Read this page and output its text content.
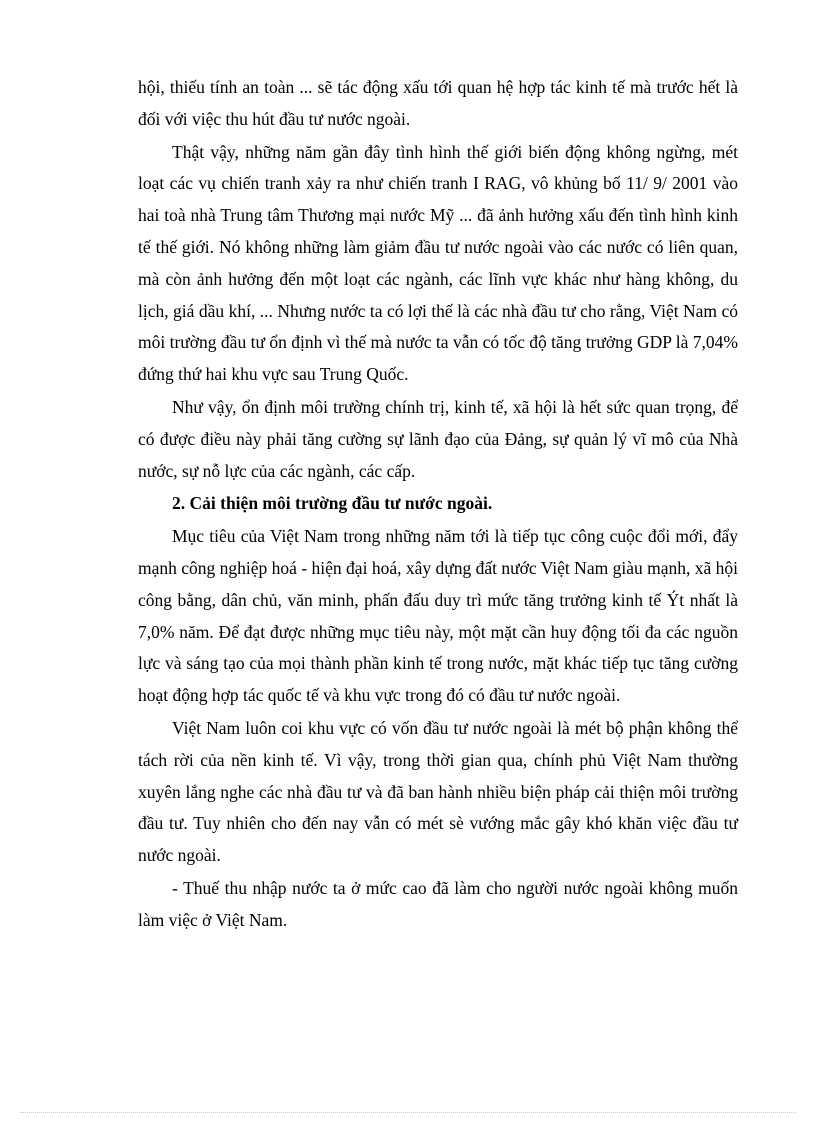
hội, thiếu tính an toàn ... sẽ tác động xấu tới quan hệ hợp tác kinh tế mà trước hết là đối với việc thu hút đầu tư nước ngoài.

Thật vậy, những năm gần đây tình hình thế giới biến động không ngừng, mét loạt các vụ chiến tranh xảy ra như chiến tranh I RAG, vô khủng bố 11/ 9/ 2001 vào hai toà nhà Trung tâm Thương mại nước Mỹ ... đã ảnh hưởng xấu đến tình hình kinh tế thế giới. Nó không những làm giảm đầu tư nước ngoài vào các nước có liên quan, mà còn ảnh hưởng đến một loạt các ngành, các lĩnh vực khác như hàng không, du lịch, giá dầu khí, ... Nhưng nước ta có lợi thế là các nhà đầu tư cho rằng, Việt Nam có môi trường đầu tư ổn định vì thế mà nước ta vẫn có tốc độ tăng trưởng GDP là 7,04% đứng thứ hai khu vực sau Trung Quốc.

Như vậy, ổn định môi trường chính trị, kinh tế, xã hội là hết sức quan trọng, để có được điều này phải tăng cường sự lãnh đạo của Đảng, sự quản lý vĩ mô của Nhà nước, sự nỗ lực của các ngành, các cấp.

2. Cải thiện môi trường đầu tư nước ngoài.

Mục tiêu của Việt Nam trong những năm tới là tiếp tục công cuộc đổi mới, đẩy mạnh công nghiệp hoá - hiện đại hoá, xây dựng đất nước Việt Nam giàu mạnh, xã hội công bằng, dân chủ, văn minh, phấn đấu duy trì mức tăng trưởng kinh tế Ýt nhất là 7,0% năm. Để đạt được những mục tiêu này, một mặt cần huy động tối đa các nguồn lực và sáng tạo của mọi thành phần kinh tế trong nước, mặt khác tiếp tục tăng cường hoạt động hợp tác quốc tế và khu vực trong đó có đầu tư nước ngoài.

Việt Nam luôn coi khu vực có vốn đầu tư nước ngoài là mét bộ phận không thể tách rời của nền kinh tế. Vì vậy, trong thời gian qua, chính phủ Việt Nam thường xuyên lắng nghe các nhà đầu tư và đã ban hành nhiều biện pháp cải thiện môi trường đầu tư. Tuy nhiên cho đến nay vẫn có mét sè vướng mắc gây khó khăn việc đầu tư nước ngoài.

- Thuế thu nhập nước ta ở mức cao đã làm cho người nước ngoài không muốn làm việc ở Việt Nam.
